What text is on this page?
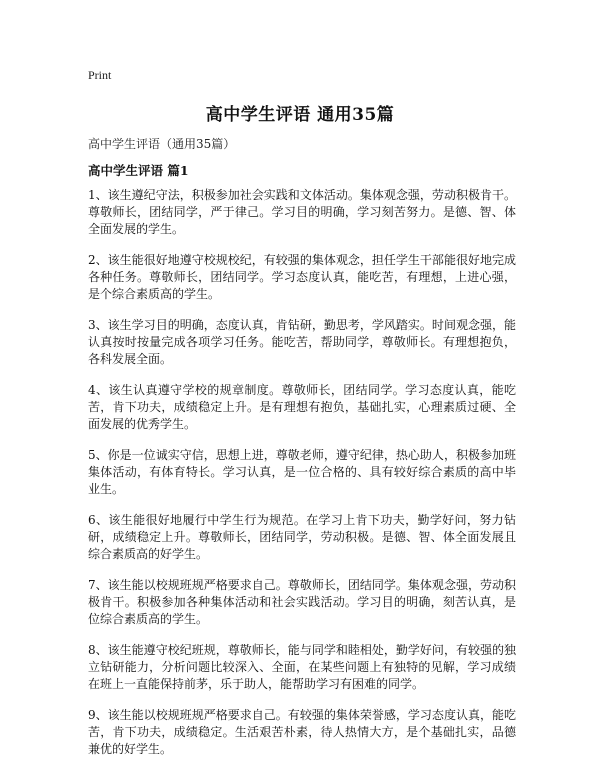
Print
高中学生评语 通用35篇
高中学生评语（通用35篇）
高中学生评语 篇1

1、该生遵纪守法，积极参加社会实践和文体活动。集体观念强，劳动积极肯干。尊敬师长，团结同学，严于律己。学习目的明确，学习刻苦努力。是德、智、体全面发展的学生。

2、该生能很好地遵守校规校纪，有较强的集体观念，担任学生干部能很好地完成各种任务。尊敬师长，团结同学。学习态度认真，能吃苦，有理想，上进心强，是个综合素质高的学生。

3、该生学习目的明确，态度认真，肯钻研，勤思考，学风踏实。时间观念强，能认真按时按量完成各项学习任务。能吃苦，帮助同学，尊敬师长。有理想抱负，各科发展全面。

4、该生认真遵守学校的规章制度。尊敬师长，团结同学。学习态度认真，能吃苦，肯下功夫，成绩稳定上升。是有理想有抱负，基础扎实，心理素质过硬、全面发展的优秀学生。

5、你是一位诚实守信，思想上进，尊敬老师，遵守纪律，热心助人，积极参加班集体活动，有体育特长。学习认真，是一位合格的、具有较好综合素质的高中毕业生。

6、该生能很好地履行中学生行为规范。在学习上肯下功夫，勤学好问，努力钻研，成绩稳定上升。尊敬师长，团结同学，劳动积极。是德、智、体全面发展且综合素质高的好学生。

7、该生能以校规班规严格要求自己。尊敬师长，团结同学。集体观念强，劳动积极肯干。积极参加各种集体活动和社会实践活动。学习目的明确，刻苦认真，是位综合素质高的学生。

8、该生能遵守校纪班规，尊敬师长，能与同学和睦相处，勤学好问，有较强的独立钻研能力，分析问题比较深入、全面，在某些问题上有独特的见解，学习成绩在班上一直能保持前茅，乐于助人，能帮助学习有困难的同学。

9、该生能以校规班规严格要求自己。有较强的集体荣誉感，学习态度认真，能吃苦，肯下功夫，成绩稳定。生活艰苦朴素，待人热情大方，是个基础扎实，品德兼优的好学生。
